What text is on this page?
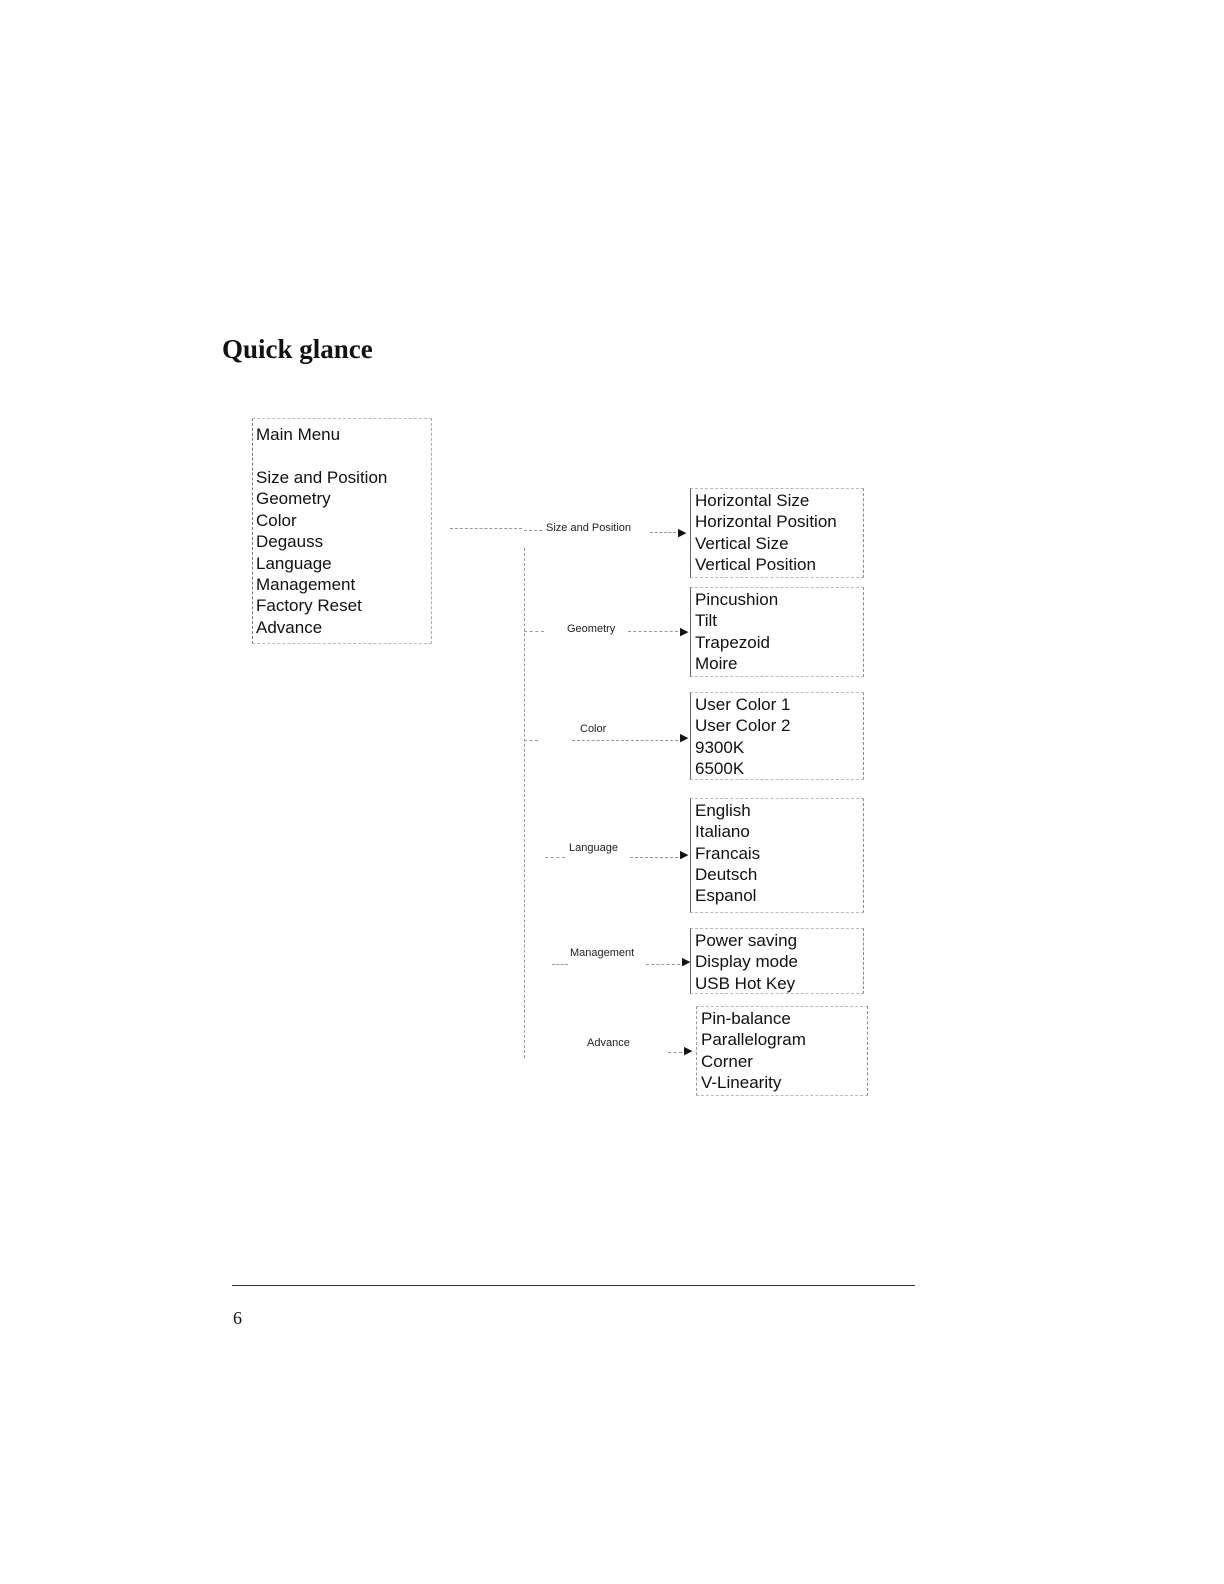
Quick glance
Main Menu
Size and Position
Geometry
Color
Degauss
Language
Management
Factory Reset
Advance
Size and Position	▶
Horizontal Size
Horizontal Position
Vertical Size
Vertical Position
Geometry	▶
Pincushion
Tilt
Trapezoid
Moire
Color
▶
User Color 1
User Color 2
9300K
6500K
Language
▶
English
Italiano
Francais
Deutsch
Espanol
Management
▶
Power saving
Display mode
USB Hot Key
Advance
▶
Pin-balance
Parallelogram
Corner
V-Linearity
6
